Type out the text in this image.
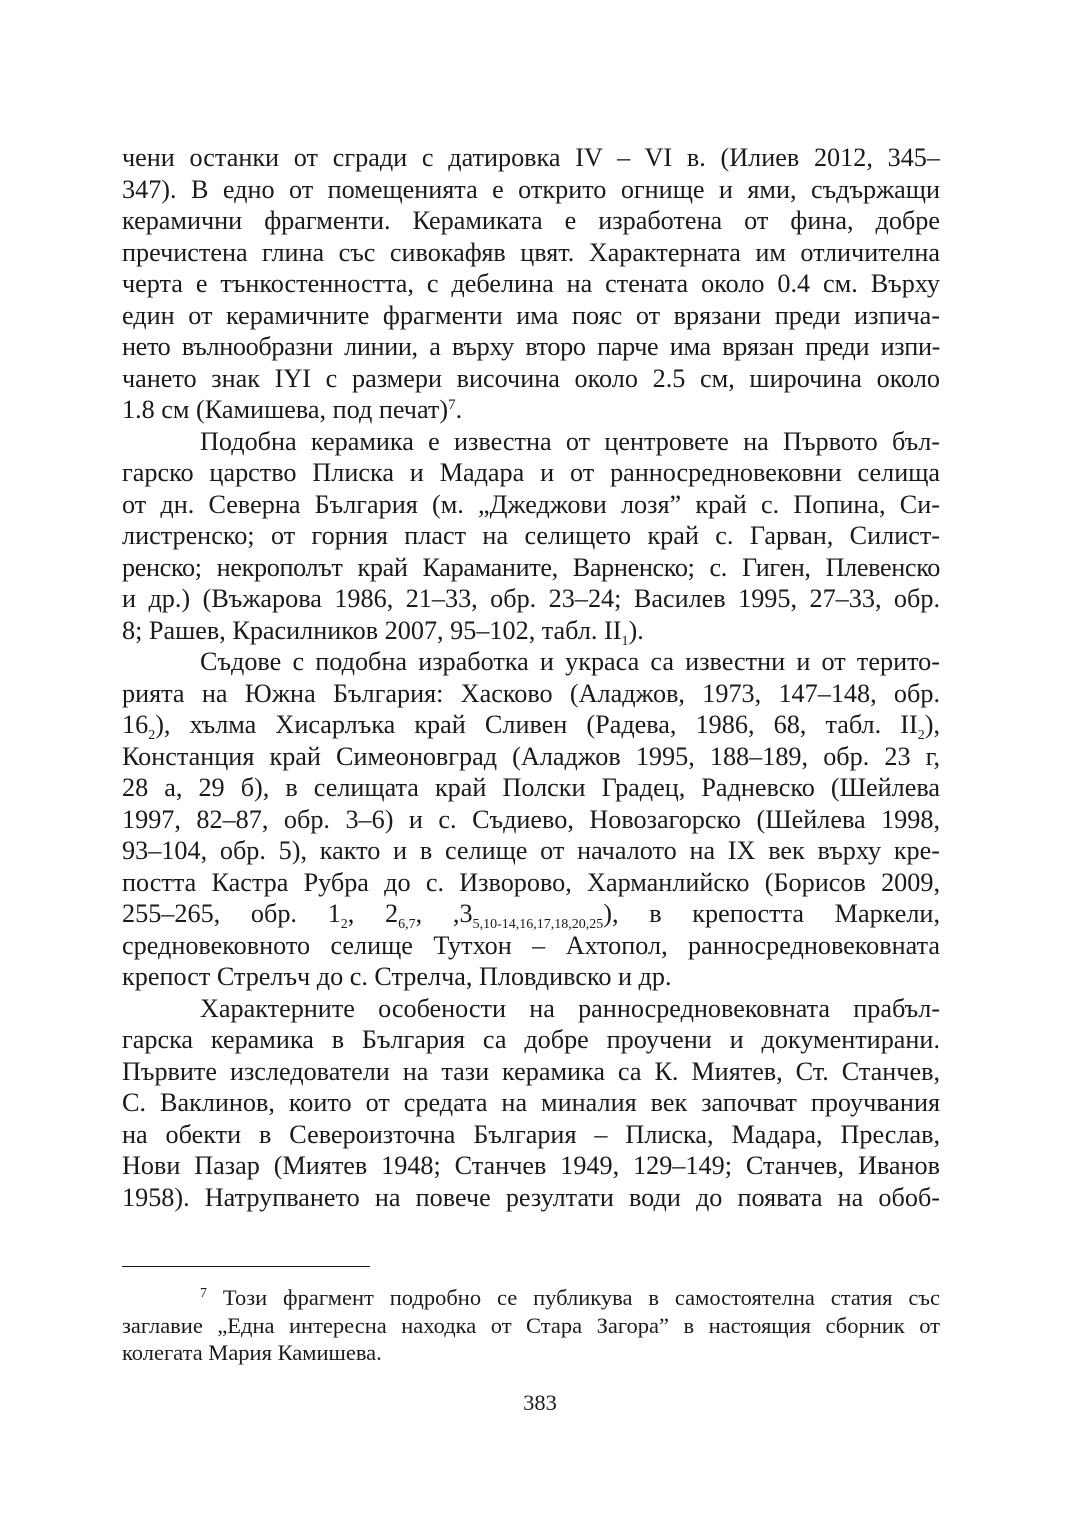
чени останки от сгради с датировка IV – VI в. (Илиев 2012, 345–
347). В едно от помещенията е открито огнище и ями, съдържащи
керамични фрагменти. Керамиката е изработена от фина, добре
пречистена глина със сивокафяв цвят. Характерната им отличителна
черта е тънкостенността, с дебелина на стената около 0.4 см. Върху
един от керамичните фрагменти има пояс от врязани преди изпича-
нето вълнообразни линии, а върху второ парче има врязан преди изпи-
чането знак IYI с размери височина около 2.5 см, широчина около
1.8 см (Камишева, под печат)$^7$.
Подобна керамика е известна от центровете на Първото бъл-
гарско царство Плиска и Мадара и от ранносредновековни селища
от дн. Северна България (м. „Джеджови лозя” край с. Попина, Си-
листренско; от горния пласт на селището край с. Гарван, Силист-
ренско; некрополът край Караманите, Варненско; с. Гиген, Плевенско
и др.) (Въжарова 1986, 21–33, обр. 23–24; Василев 1995, 27–33, обр.
8; Рашев, Красилников 2007, 95–102, табл. $II_1$).
Съдове с подобна изработка и украса са известни и от терито-
рията на Южна България: Хасково (Аладжов, 1973, 147–148, обр.
$16_2$), хълма Хисарлъка край Сливен (Радева, 1986, 68, табл. $II_2$),
Констанция край Симеоновград (Аладжов 1995, 188–189, обр. 23 г,
28 а, 29 б), в селищата край Полски Градец, Радневско (Шейлева
1997, 82–87, обр. 3–6) и с. Съдиево, Новозагорско (Шейлева 1998,
93–104, обр. 5), както и в селище от началото на IX век върху кре-
постта Кастра Рубра до с. Изворово, Харманлийско (Борисов 2009,
255–265, обр. $1_2$, $2_{6,7}$, $,3_{5,10-14,16,17,18,20,25}$), в крепостта Маркели,
средновековното селище Тутхон – Ахтопол, ранносредновековната
крепост Стрелъч до с. Стрелча, Пловдивско и др.
Характерните особености на ранносредновековната прабъл-
гарска керамика в България са добре проучени и документирани.
Първите изследователи на тази керамика са К. Миятев, Ст. Станчев,
С. Ваклинов, които от средата на миналия век започват проучвания
на обекти в Североизточна България – Плиска, Мадара, Преслав,
Нови Пазар (Миятев 1948; Станчев 1949, 129–149; Станчев, Иванов
1958). Натрупването на повече резултати води до появата на обоб-
$^7$ Този фрагмент подробно се публикува в самостоятелна статия със
заглавие „Една интересна находка от Стара Загора” в настоящия сборник от
колегата Мария Камишева.
383
